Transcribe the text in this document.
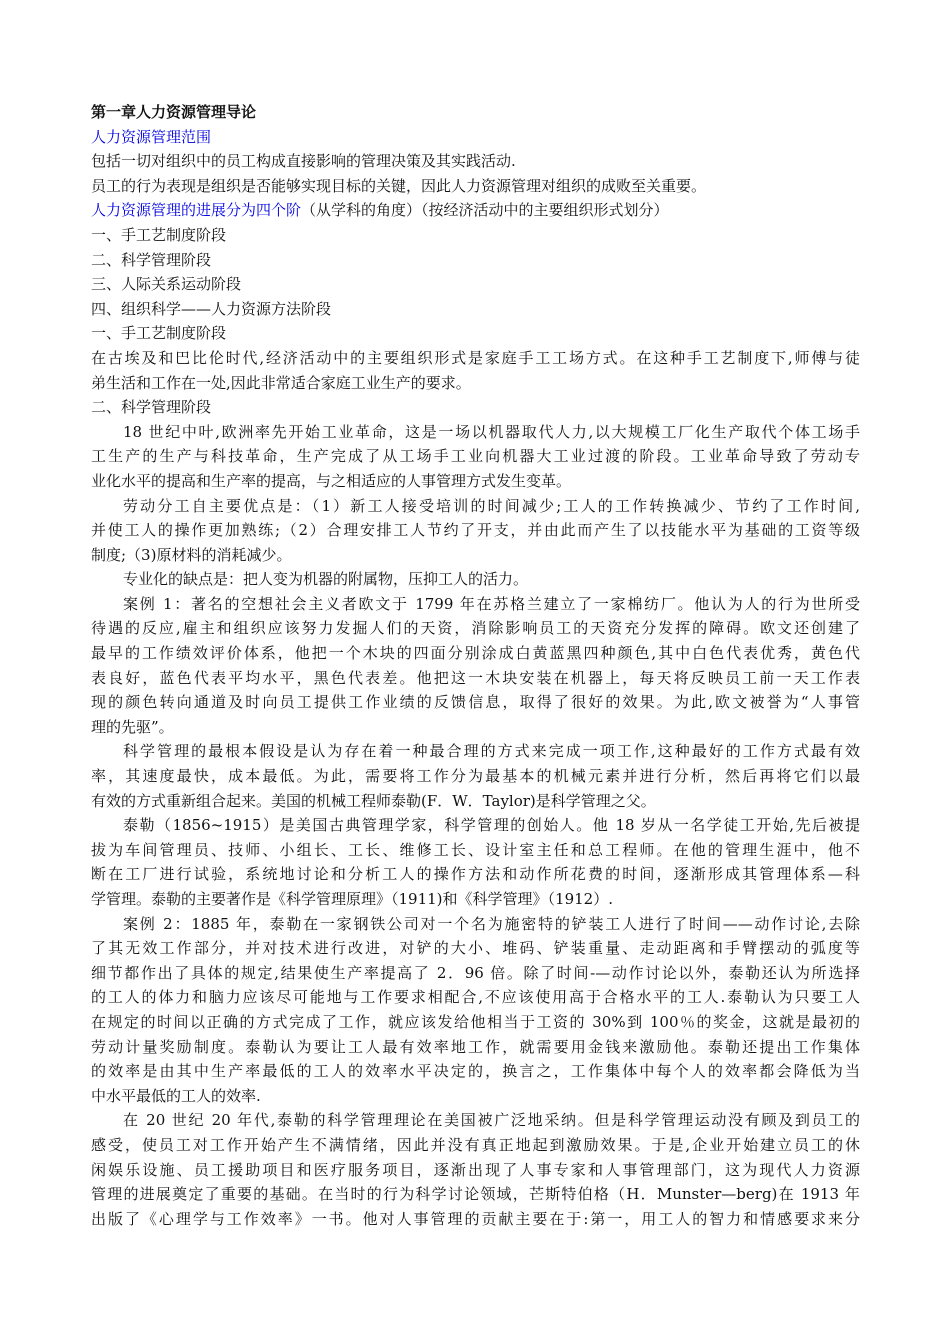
第一章人力资源管理导论
人力资源管理范围
包括一切对组织中的员工构成直接影响的管理决策及其实践活动.
员工的行为表现是组织是否能够实现目标的关键，因此人力资源管理对组织的成败至关重要。
人力资源管理的进展分为四个阶（从学科的角度）（按经济活动中的主要组织形式划分）
一、手工艺制度阶段
二、科学管理阶段
三、人际关系运动阶段
四、组织科学——人力资源方法阶段
一、手工艺制度阶段
在古埃及和巴比伦时代,经济活动中的主要组织形式是家庭手工工场方式。在这种手工艺制度下,师傅与徒
弟生活和工作在一处,因此非常适合家庭工业生产的要求。
二、科学管理阶段
18 世纪中叶,欧洲率先开始工业革命，这是一场以机器取代人力,以大规模工厂化生产取代个体工场手
工生产的生产与科技革命，生产完成了从工场手工业向机器大工业过渡的阶段。工业革命导致了劳动专
业化水平的提高和生产率的提高，与之相适应的人事管理方式发生变革。
劳动分工自主要优点是：（1）新工人接受培训的时间减少;工人的工作转换减少、节约了工作时间,
并使工人的操作更加熟练;（2）合理安排工人节约了开支，并由此而产生了以技能水平为基础的工资等级
制度;（3)原材料的消耗减少。
专业化的缺点是：把人变为机器的附属物，压抑工人的活力。
案例 1：著名的空想社会主义者欧文于 1799 年在苏格兰建立了一家棉纺厂。他认为人的行为世所受
待遇的反应,雇主和组织应该努力发掘人们的天资，消除影响员工的天资充分发挥的障碍。欧文还创建了
最早的工作绩效评价体系，他把一个木块的四面分别涂成白黄蓝黑四种颜色,其中白色代表优秀，黄色代
表良好，蓝色代表平均水平，黑色代表差。他把这一木块安装在机器上，每天将反映员工前一天工作表
现的颜色转向通道及时向员工提供工作业绩的反馈信息，取得了很好的效果。为此,欧文被誉为“人事管
理的先驱”。
科学管理的最根本假设是认为存在着一种最合理的方式来完成一项工作,这种最好的工作方式最有效
率，其速度最快，成本最低。为此，需要将工作分为最基本的机械元素并进行分析，然后再将它们以最
有效的方式重新组合起来。美国的机械工程师泰勒(F．W．Taylor)是科学管理之父。
泰勒（1856~1915）是美国古典管理学家，科学管理的创始人。他 18 岁从一名学徒工开始,先后被提
拔为车间管理员、技师、小组长、工长、维修工长、设计室主任和总工程师。在他的管理生涯中，他不
断在工厂进行试验，系统地讨论和分析工人的操作方法和动作所花费的时间，逐渐形成其管理体系—科
学管理。泰勒的主要著作是《科学管理原理》（1911)和《科学管理》（1912）.
案例 2：1885 年，泰勒在一家钢铁公司对一个名为施密特的铲装工人进行了时间——动作讨论,去除
了其无效工作部分，并对技术进行改进，对铲的大小、堆码、铲装重量、走动距离和手臂摆动的弧度等
细节都作出了具体的规定,结果使生产率提高了 2．96 倍。除了时间-—动作讨论以外，泰勒还认为所选择
的工人的体力和脑力应该尽可能地与工作要求相配合,不应该使用高于合格水平的工人.泰勒认为只要工人
在规定的时间以正确的方式完成了工作，就应该发给他相当于工资的 30%到 100％的奖金，这就是最初的
劳动计量奖励制度。泰勒认为要让工人最有效率地工作，就需要用金钱来激励他。泰勒还提出工作集体
的效率是由其中生产率最低的工人的效率水平决定的，换言之，工作集体中每个人的效率都会降低为当
中水平最低的工人的效率.
在 20 世纪 20 年代,泰勒的科学管理理论在美国被广泛地采纳。但是科学管理运动没有顾及到员工的
感受，使员工对工作开始产生不满情绪，因此并没有真正地起到激励效果。于是,企业开始建立员工的休
闲娱乐设施、员工援助项目和医疗服务项目，逐渐出现了人事专家和人事管理部门，这为现代人力资源
管理的进展奠定了重要的基础。在当时的行为科学讨论领域，芒斯特伯格（H．Munster—berg)在 1913 年
出版了《心理学与工作效率》一书。他对人事管理的贡献主要在于:第一，用工人的智力和情感要求来分
